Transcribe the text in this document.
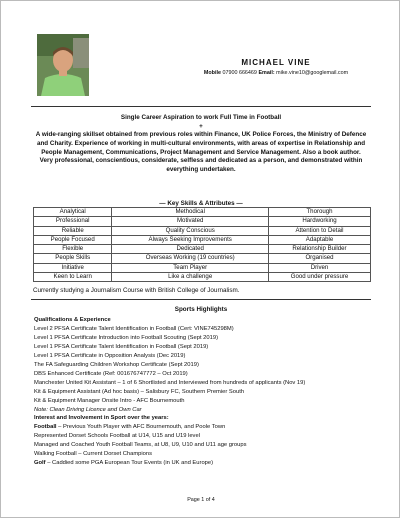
MICHAEL VINE
Mobile 07900 666469 Email: mike.vine10@googlemail.com
Single Career Aspiration to work Full Time in Football
+
A wide-ranging skillset obtained from previous roles within Finance, UK Police Forces, the Ministry of Defence and Charity. Experience of working in multi-cultural environments, with areas of expertise in Relationship and People Management, Communications, Project Management and Service Management. Also a book author.
Very professional, conscientious, considerate, selfless and dedicated as a person, and demonstrated within everything undertaken.
— Key Skills & Attributes —
Analytical	Methodical	Thorough
Professional	Motivated	Hardworking
Reliable	Quality Conscious	Attention to Detail
People Focused	Always Seeking Improvements	Adaptable
Flexible	Dedicated	Relationship Builder
People Skills	Overseas Working (19 countries)	Organised
Initiative	Team Player	Driven
Keen to Learn	Like a challenge	Good under pressure
Currently studying a Journalism Course with British College of Journalism.
Sports Highlights
Qualifications & Experience
Level 2 PFSA Certificate Talent Identification in Football (Cert: VINE745298M)
Level 1 PFSA Certificate Introduction into Football Scouting (Sept 2019)
Level 1 PFSA Certificate Talent Identification in Football (Sept 2019)
Level 1 PFSA Certificate in Opposition Analysis (Dec 2019)
The FA Safeguarding Children Workshop Certificate (Sept 2019)
DBS Enhanced Certificate (Ref: 001676747772 – Oct 2019)
Manchester United Kit Assistant – 1 of 6 Shortlisted and Interviewed from hundreds of applicants (Nov 19)
Kit & Equipment Assistant (Ad hoc basis) – Salisbury FC, Southern Premier South
Kit & Equipment Manager Onsite Intro - AFC Bournemouth
Note: Clean Driving Licence and Own Car
Interest and Involvement in Sport over the years:
Football – Previous Youth Player with AFC Bournemouth, and Poole Town
Represented Dorset Schools Football at U14, U15 and U19 level
Managed and Coached Youth Football Teams, at U8, U9, U10 and U11 age groups
Walking Football – Current Dorset Champions
Golf – Caddied some PGA European Tour Events (in UK and Europe)
Page 1 of 4
